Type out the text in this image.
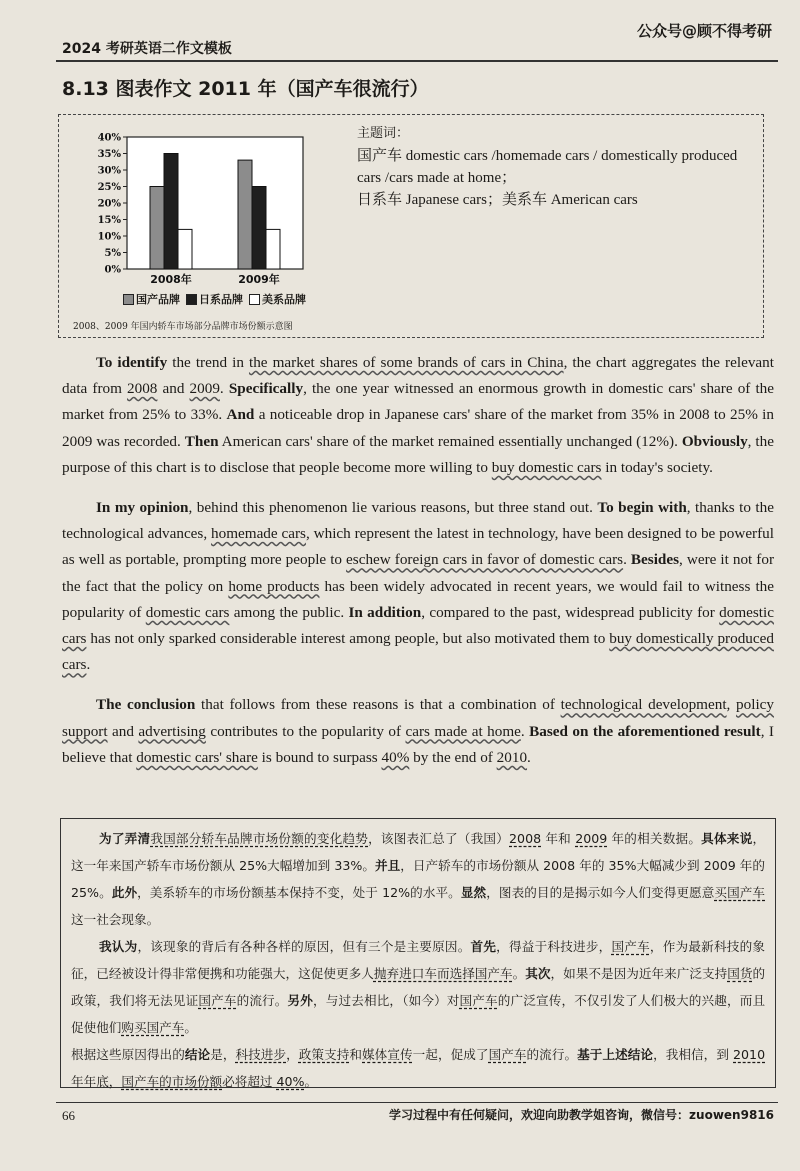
2024 考研英语二作文模板
公众号@顾不得考研
8.13 图表作文 2011 年（国产车很流行）
0%
5%
10%
15%
20%
25%
30%
35%
40%
2008年	2009年
国产品牌 日系品牌 美系品牌
2008、2009 年国内轿车市场部分品牌市场份额示意图
主题词：
国产车 domestic cars /homemade cars / domestically produced
cars /cars made at home；
日系车 Japanese cars；美系车 American cars

To identify the trend in the market shares of some brands of cars in China, the chart aggregates the relevant data from 2008 and 2009. Specifically, the one year witnessed an enormous growth in domestic cars' share of the market from 25% to 33%. And a noticeable drop in Japanese cars' share of the market from 35% in 2008 to 25% in 2009 was recorded. Then American cars' share of the market remained essentially unchanged (12%). Obviously, the purpose of this chart is to disclose that people become more willing to buy domestic cars in today's society.

In my opinion, behind this phenomenon lie various reasons, but three stand out. To begin with, thanks to the technological advances, homemade cars, which represent the latest in technology, have been designed to be powerful as well as portable, prompting more people to eschew foreign cars in favor of domestic cars. Besides, were it not for the fact that the policy on home products has been widely advocated in recent years, we would fail to witness the popularity of domestic cars among the public. In addition, compared to the past, widespread publicity for domestic cars has not only sparked considerable interest among people, but also motivated them to buy domestically produced cars.

The conclusion that follows from these reasons is that a combination of technological development, policy support and advertising contributes to the popularity of cars made at home. Based on the aforementioned result, I believe that domestic cars' share is bound to surpass 40% by the end of 2010.

为了弄清我国部分轿车品牌市场份额的变化趋势，该图表汇总了（我国）2008 年和 2009 年的相关数据。具体来说，这一年来国产轿车市场份额从 25%大幅增加到 33%。并且，日产轿车的市场份额从 2008 年的 35%大幅减少到 2009 年的 25%。此外，美系轿车的市场份额基本保持不变，处于 12%的水平。显然，图表的目的是揭示如今人们变得更愿意买国产车这一社会现象。

我认为，该现象的背后有各种各样的原因，但有三个是主要原因。首先，得益于科技进步，国产车，作为最新科技的象征，已经被设计得非常便携和功能强大，这促使更多人抛弃进口车而选择国产车。其次，如果不是因为近年来广泛支持国货的政策，我们将无法见证国产车的流行。另外，与过去相比，（如今）对国产车的广泛宣传，不仅引发了人们极大的兴趣，而且促使他们购买国产车。

根据这些原因得出的结论是，科技进步，政策支持和媒体宣传一起，促成了国产车的流行。基于上述结论，我相信，到 2010 年年底，国产车的市场份额必将超过 40%。

66	学习过程中有任何疑问，欢迎向助教学姐咨询，微信号：zuowen9816
